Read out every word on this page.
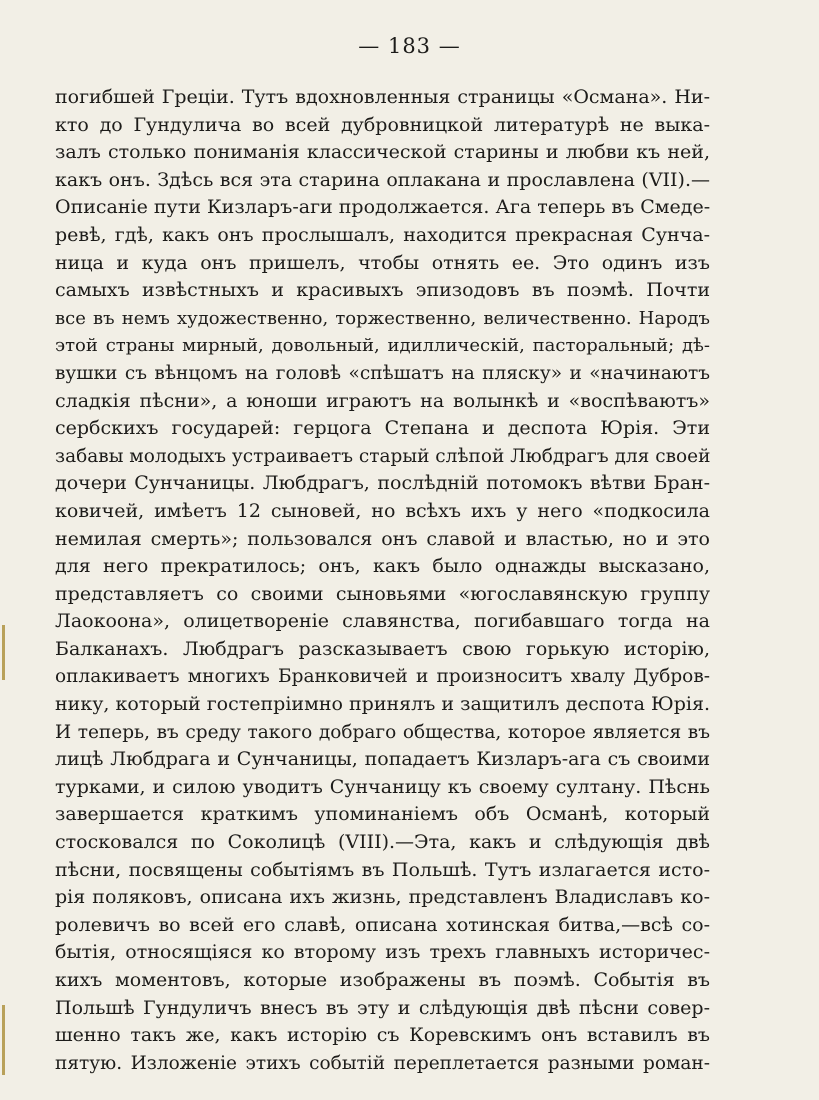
— 183 —
погибшей Греціи. Тутъ вдохновленныя страницы «Османа». Ни-
кто до Гундулича во всей дубровницкой литературѣ не выка-
залъ столько пониманія классической старины и любви къ ней,
какъ онъ. Здѣсь вся эта старина оплакана и прославлена (VII).—
Описаніе пути Кизларъ-аги продолжается. Ага теперь въ Смеде-
ревѣ, гдѣ, какъ онъ прослышалъ, находится прекрасная Сунча-
ница и куда онъ пришелъ, чтобы отнять ее. Это одинъ изъ
самыхъ извѣстныхъ и красивыхъ эпизодовъ въ поэмѣ. Почти
все въ немъ художественно, торжественно, величественно. Народъ
этой страны мирный, довольный, идиллическій, пасторальный; дѣ-
вушки съ вѣнцомъ на головѣ «спѣшатъ на пляску» и «начинаютъ
сладкія пѣсни», а юноши играютъ на волынкѣ и «воспѣваютъ»
сербскихъ государей: герцога Степана и деспота Юрія. Эти
забавы молодыхъ устраиваетъ старый слѣпой Любдрагъ для своей
дочери Сунчаницы. Любдрагъ, послѣдній потомокъ вѣтви Бран-
ковичей, имѣетъ 12 сыновей, но всѣхъ ихъ у него «подкосила
немилая смерть»; пользовался онъ славой и властью, но и это
для него прекратилось; онъ, какъ было однажды высказано,
представляетъ со своими сыновьями «югославянскую группу
Лаокоона», олицетвореніе славянства, погибавшаго тогда на
Балканахъ. Любдрагъ разсказываетъ свою горькую исторію,
оплакиваетъ многихъ Бранковичей и произноситъ хвалу Дубров-
нику, который гостепріимно принялъ и защитилъ деспота Юрія.
И теперь, въ среду такого добраго общества, которое является въ
лицѣ Любдрага и Сунчаницы, попадаетъ Кизларъ-ага съ своими
турками, и силою уводитъ Сунчаницу къ своему султану. Пѣснь
завершается краткимъ упоминаніемъ объ Османѣ, который
стосковался по Соколицѣ (VIII).—Эта, какъ и слѣдующія двѣ
пѣсни, посвящены событіямъ въ Польшѣ. Тутъ излагается исто-
рія поляковъ, описана ихъ жизнь, представленъ Владиславъ ко-
ролевичъ во всей его славѣ, описана хотинская битва,—всѣ со-
бытія, относящіяся ко второму изъ трехъ главныхъ историчес-
кихъ моментовъ, которые изображены въ поэмѣ. Событія въ
Польшѣ Гундуличъ внесъ въ эту и слѣдующія двѣ пѣсни совер-
шенно такъ же, какъ исторію съ Коревскимъ онъ вставилъ въ
пятую. Изложеніе этихъ событій переплетается разными роман-
